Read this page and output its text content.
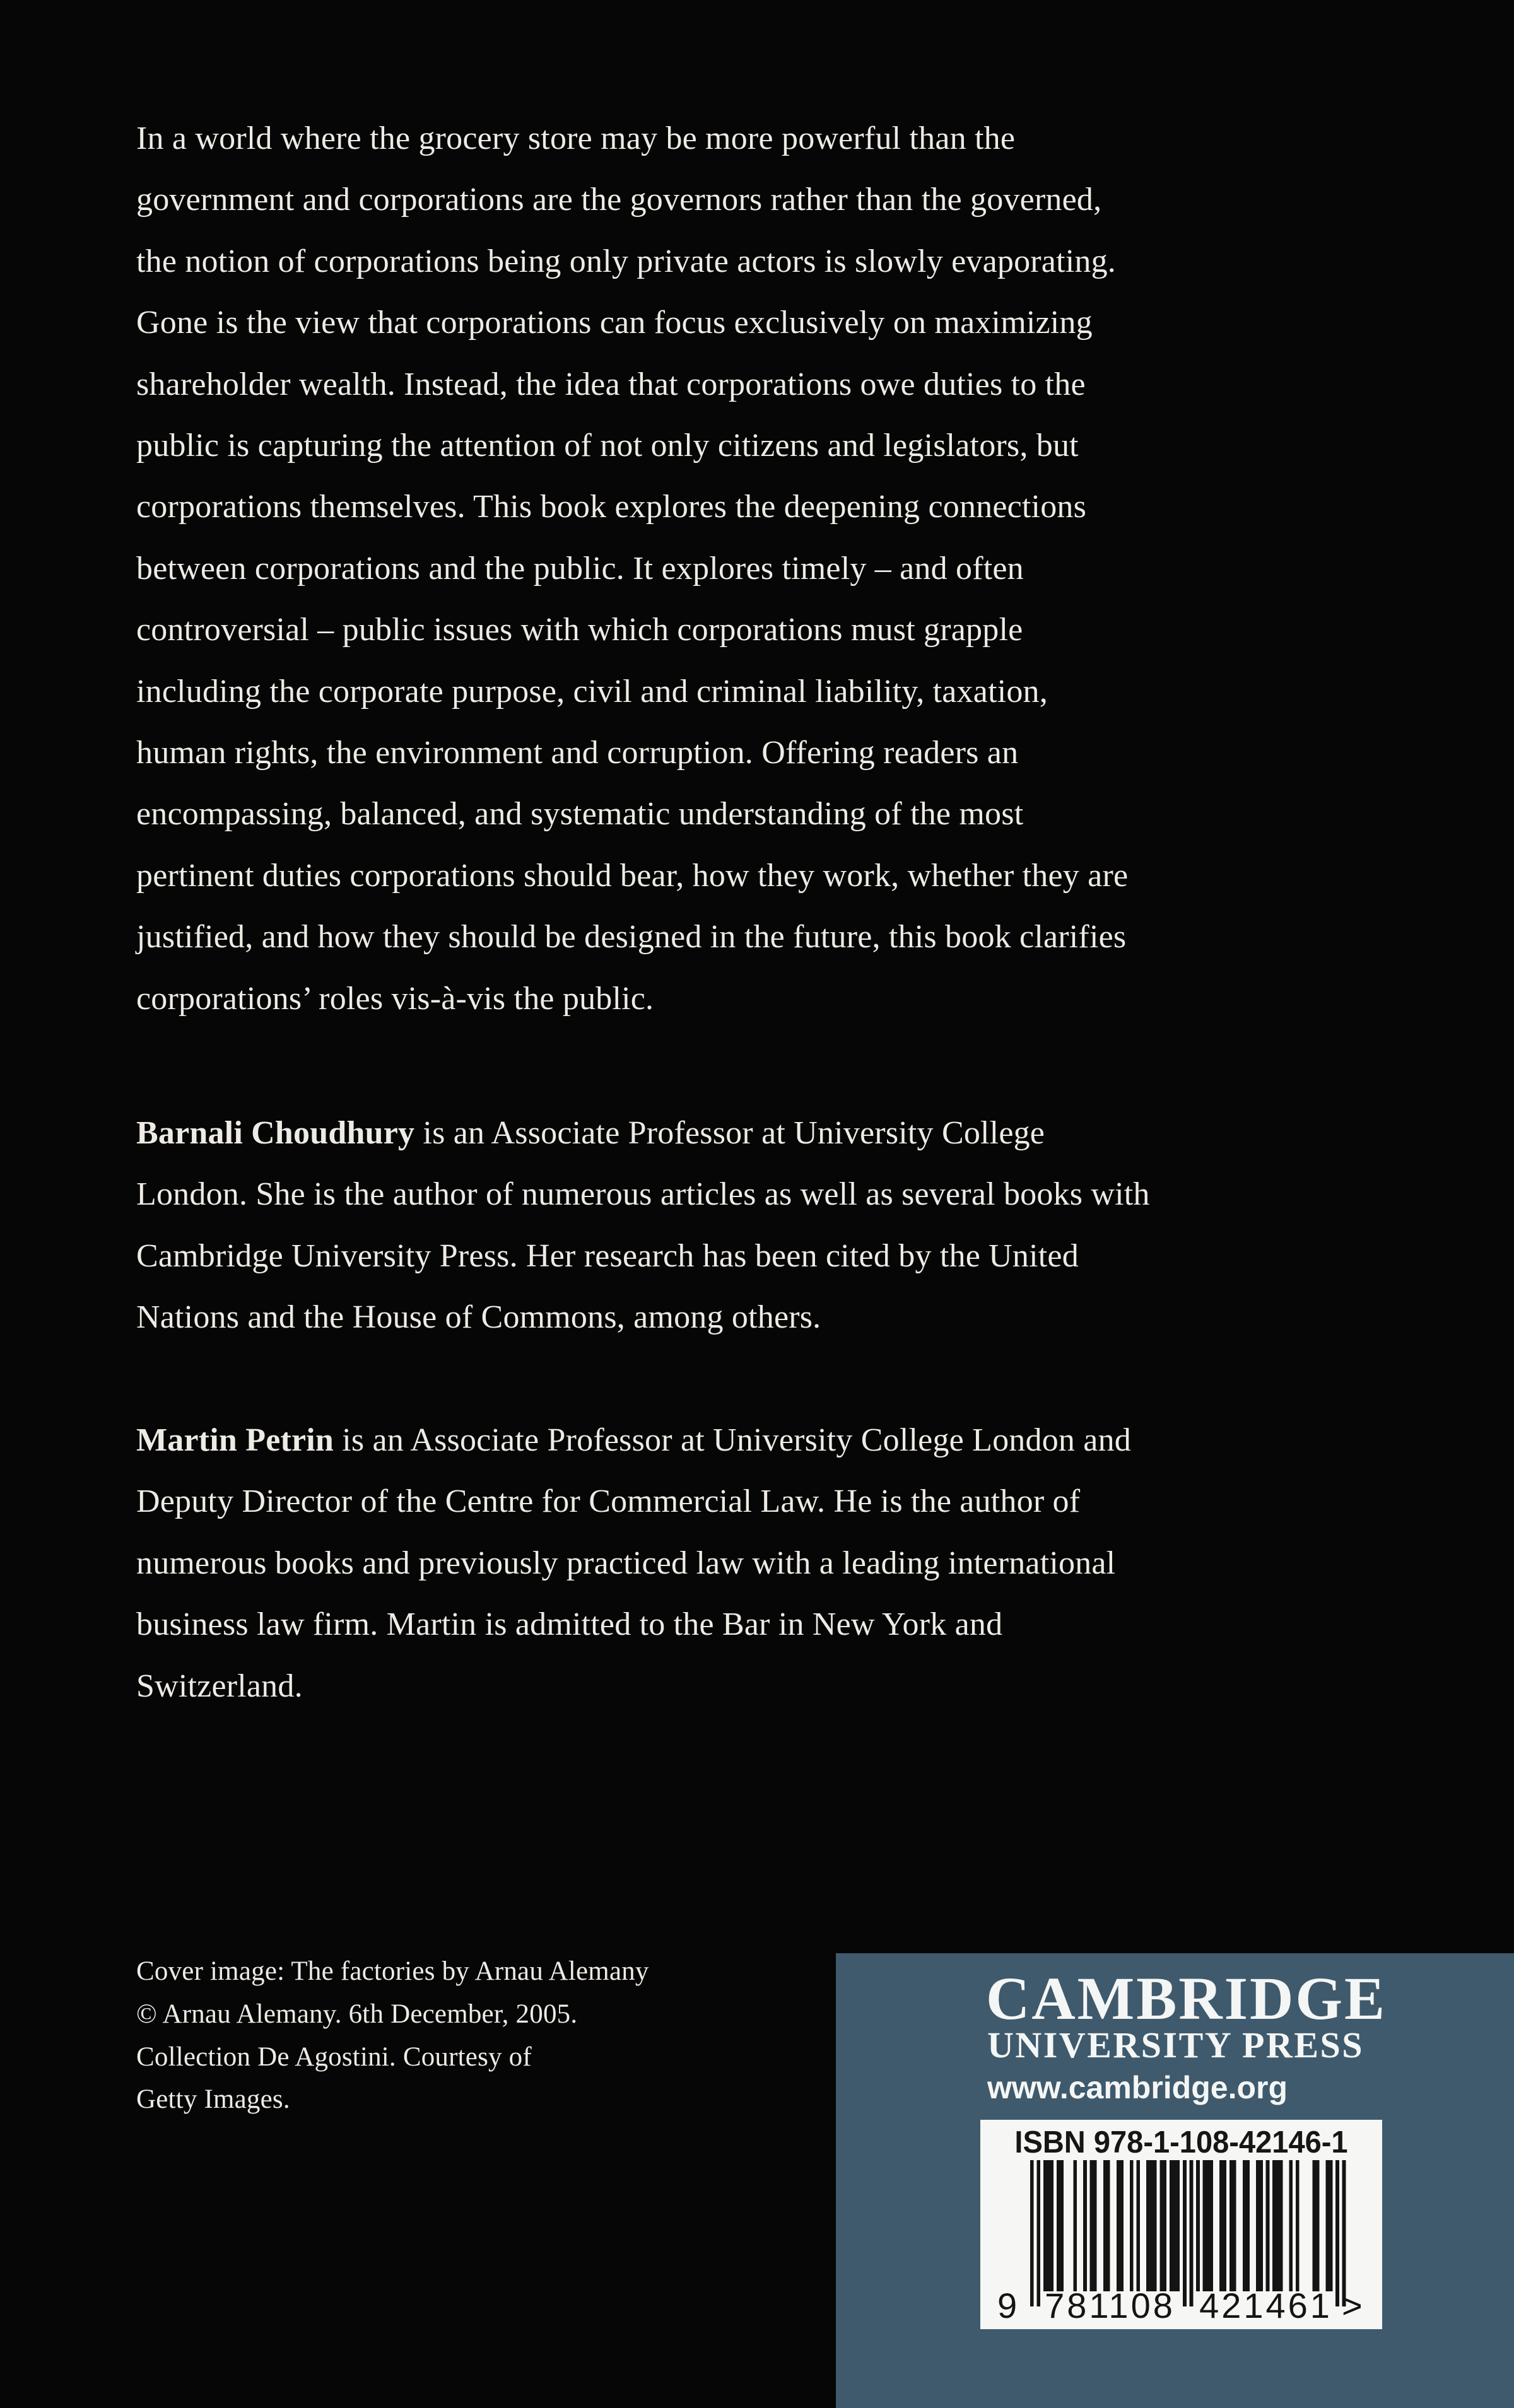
In a world where the grocery store may be more powerful than the
government and corporations are the governors rather than the governed,
the notion of corporations being only private actors is slowly evaporating.
Gone is the view that corporations can focus exclusively on maximizing
shareholder wealth. Instead, the idea that corporations owe duties to the
public is capturing the attention of not only citizens and legislators, but
corporations themselves. This book explores the deepening connections
between corporations and the public. It explores timely – and often
controversial – public issues with which corporations must grapple
including the corporate purpose, civil and criminal liability, taxation,
human rights, the environment and corruption. Offering readers an
encompassing, balanced, and systematic understanding of the most
pertinent duties corporations should bear, how they work, whether they are
justified, and how they should be designed in the future, this book clarifies
corporations’ roles vis-à-vis the public.
Barnali Choudhury is an Associate Professor at University College
London. She is the author of numerous articles as well as several books with
Cambridge University Press. Her research has been cited by the United
Nations and the House of Commons, among others.
Martin Petrin is an Associate Professor at University College London and
Deputy Director of the Centre for Commercial Law. He is the author of
numerous books and previously practiced law with a leading international
business law firm. Martin is admitted to the Bar in New York and
Switzerland.
Cover image: The factories by Arnau Alemany
© Arnau Alemany. 6th December, 2005.
Collection De Agostini. Courtesy of
Getty Images.
CAMBRIDGE
UNIVERSITY PRESS
www.cambridge.org
ISBN 978-1-108-42146-1
9 781108 421461 >
